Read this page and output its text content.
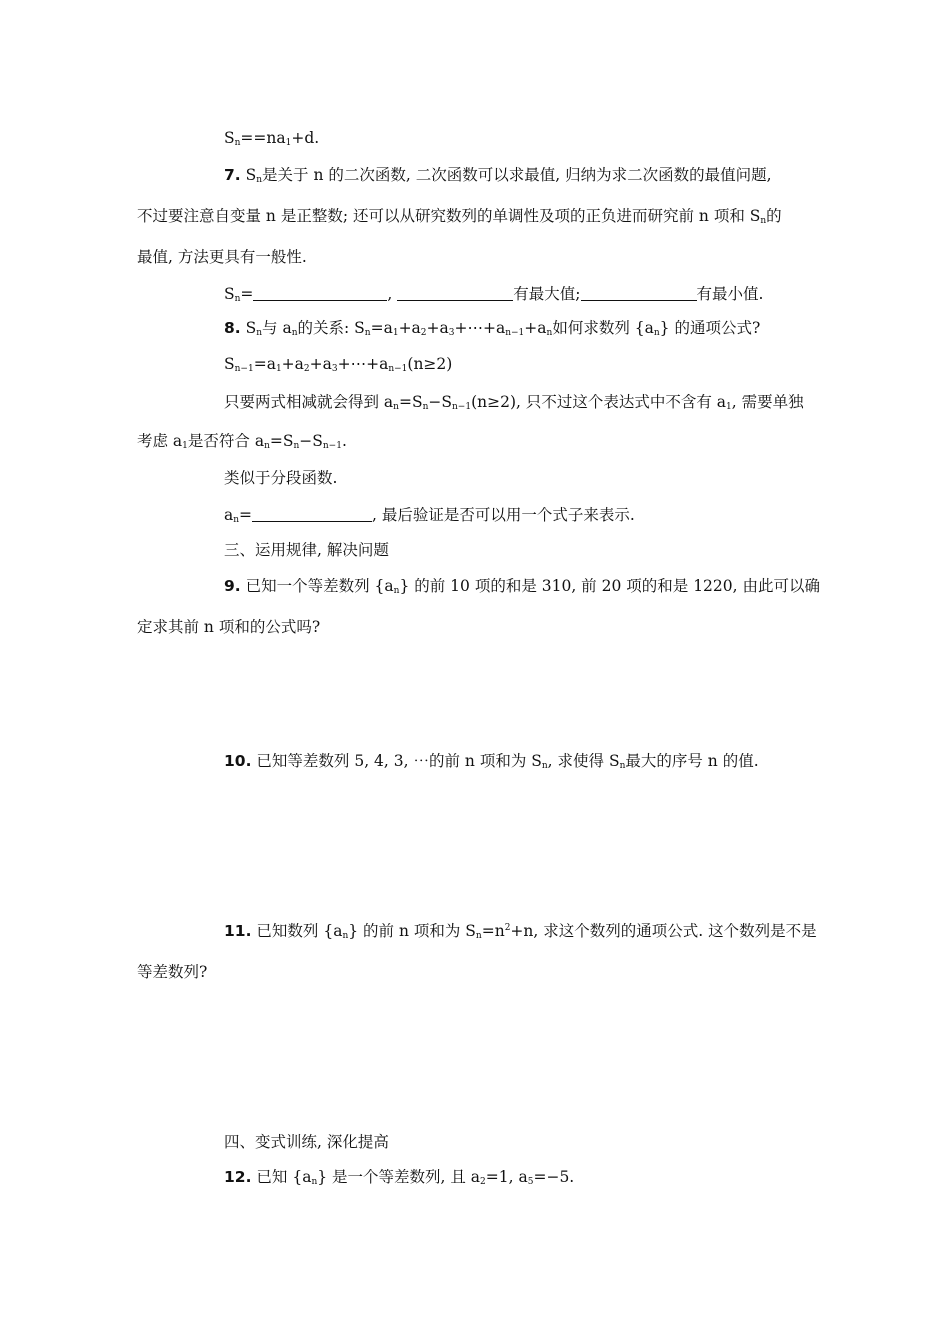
$S_n==na_1+d$.
7. $S_n$是关于 n 的二次函数, 二次函数可以求最值, 归纳为求二次函数的最值问题,
不过要注意自变量 n 是正整数; 还可以从研究数列的单调性及项的正负进而研究前 n 项和 $S_n$的
最值, 方法更具有一般性.
$S_n=$	,	有最大值;	有最小值.
8. $S_n$与 $a_n$的关系: $S_n=a_1+a_2+a_3+\cdots+a_{n-1}+a_n$如何求数列 $\{a_n\}$ 的通项公式?
$S_{n-1}=a_1+a_2+a_3+\cdots+a_{n-1}(n\ge 2)$
只要两式相减就会得到 $a_n=S_n-S_{n-1}(n\ge 2)$, 只不过这个表达式中不含有 $a_1$, 需要单独
考虑 $a_1$是否符合 $a_n=S_n-S_{n-1}$.
类似于分段函数.
$a_n=$	, 最后验证是否可以用一个式子来表示.
三、运用规律, 解决问题
9. 已知一个等差数列 $\{a_n\}$ 的前 10 项的和是 310, 前 20 项的和是 1220, 由此可以确
定求其前 n 项和的公式吗?
10. 已知等差数列 5, 4, 3, ⋯的前 n 项和为 $S_n$, 求使得 $S_n$最大的序号 n 的值.
11. 已知数列 $\{a_n\}$ 的前 n 项和为 $S_n=n^2+n$, 求这个数列的通项公式. 这个数列是不是
等差数列?
四、变式训练, 深化提高
12. 已知 $\{a_n\}$ 是一个等差数列, 且 $a_2=1$, $a_5=-5$.
